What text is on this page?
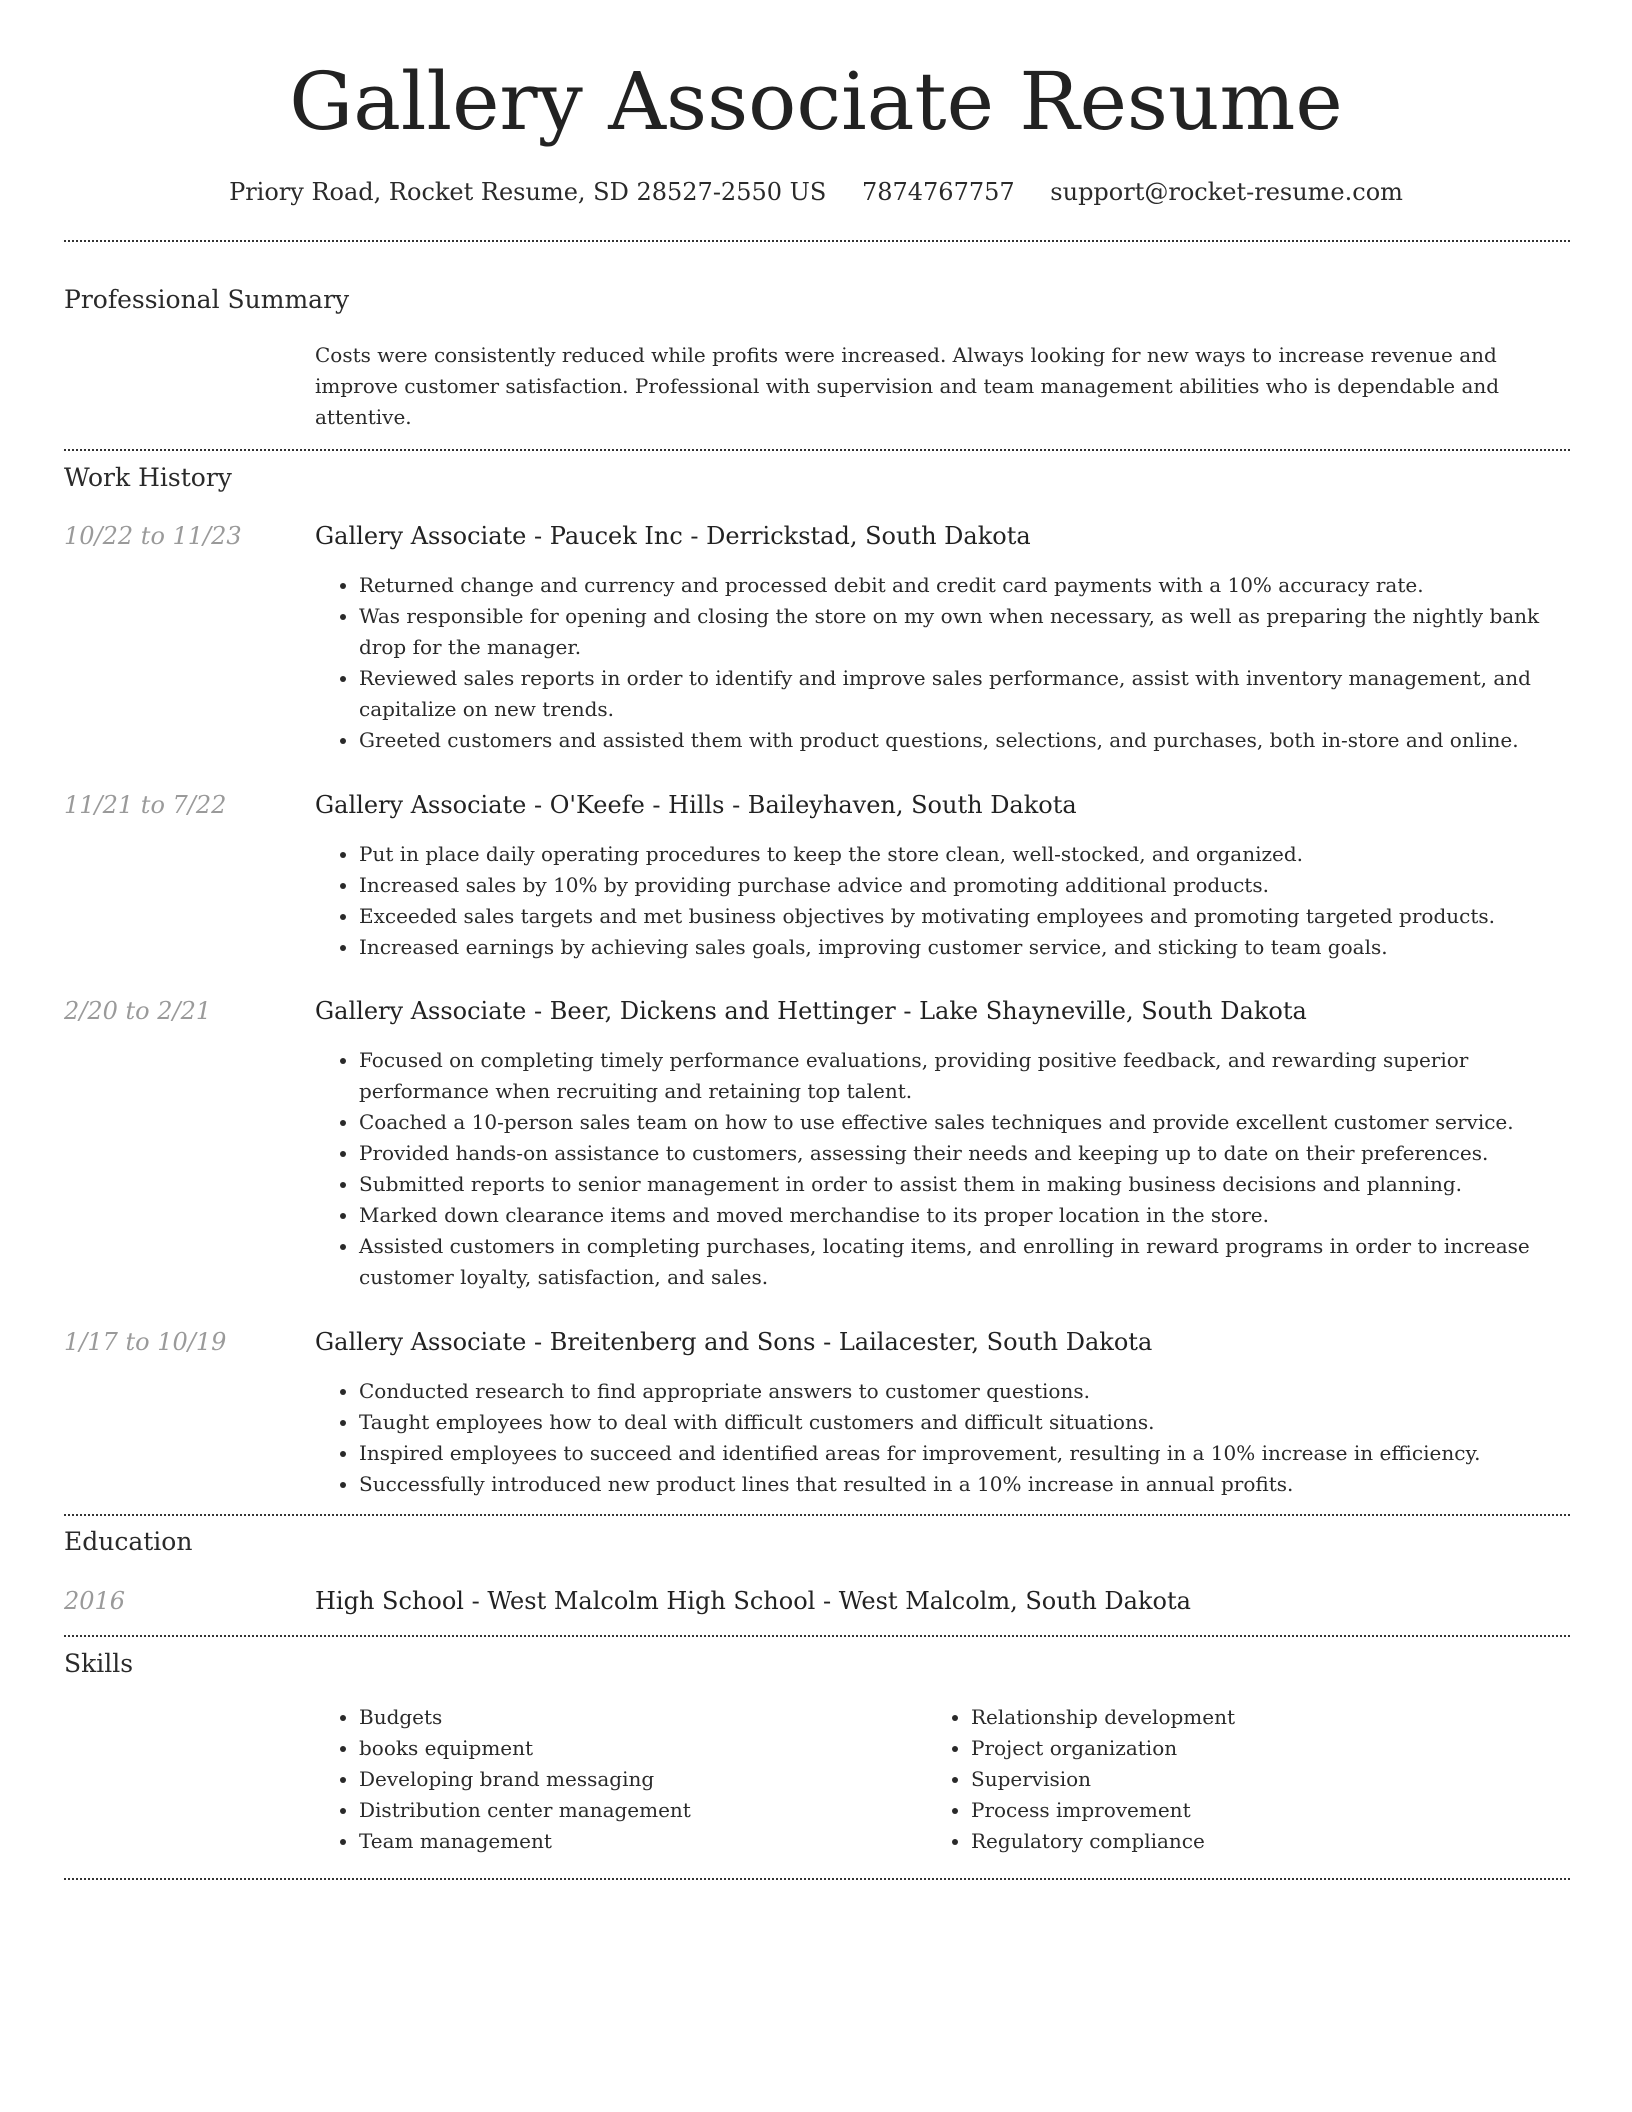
Gallery Associate Resume
Priory Road, Rocket Resume, SD 28527-2550 US 7874767757 support@rocket-resume.com
Professional Summary
Costs were consistently reduced while profits were increased. Always looking for new ways to increase revenue and improve customer satisfaction. Professional with supervision and team management abilities who is dependable and attentive.
Work History
10/22 to 11/23	Gallery Associate - Paucek Inc - Derrickstad, South Dakota
• Returned change and currency and processed debit and credit card payments with a 10% accuracy rate.
• Was responsible for opening and closing the store on my own when necessary, as well as preparing the nightly bank drop for the manager.
• Reviewed sales reports in order to identify and improve sales performance, assist with inventory management, and capitalize on new trends.
• Greeted customers and assisted them with product questions, selections, and purchases, both in-store and online.
11/21 to 7/22	Gallery Associate - O'Keefe - Hills - Baileyhaven, South Dakota
• Put in place daily operating procedures to keep the store clean, well-stocked, and organized.
• Increased sales by 10% by providing purchase advice and promoting additional products.
• Exceeded sales targets and met business objectives by motivating employees and promoting targeted products.
• Increased earnings by achieving sales goals, improving customer service, and sticking to team goals.
2/20 to 2/21	Gallery Associate - Beer, Dickens and Hettinger - Lake Shayneville, South Dakota
• Focused on completing timely performance evaluations, providing positive feedback, and rewarding superior performance when recruiting and retaining top talent.
• Coached a 10-person sales team on how to use effective sales techniques and provide excellent customer service.
• Provided hands-on assistance to customers, assessing their needs and keeping up to date on their preferences.
• Submitted reports to senior management in order to assist them in making business decisions and planning.
• Marked down clearance items and moved merchandise to its proper location in the store.
• Assisted customers in completing purchases, locating items, and enrolling in reward programs in order to increase customer loyalty, satisfaction, and sales.
1/17 to 10/19	Gallery Associate - Breitenberg and Sons - Lailacester, South Dakota
• Conducted research to find appropriate answers to customer questions.
• Taught employees how to deal with difficult customers and difficult situations.
• Inspired employees to succeed and identified areas for improvement, resulting in a 10% increase in efficiency.
• Successfully introduced new product lines that resulted in a 10% increase in annual profits.
Education
2016	High School - West Malcolm High School - West Malcolm, South Dakota
Skills
• Budgets
• books equipment
• Developing brand messaging
• Distribution center management
• Team management
• Relationship development
• Project organization
• Supervision
• Process improvement
• Regulatory compliance
